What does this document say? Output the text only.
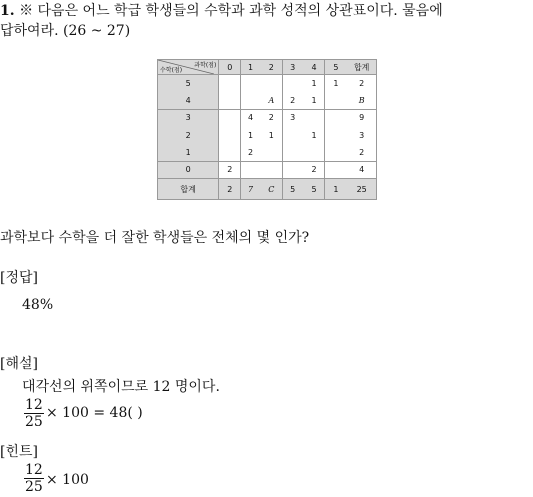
1. ※ 다음은 어느 학급 학생들의 수학과 과학 성적의 상관표이다. 물음에
답하여라. (26 ~ 27)
과학(점)
수학(점)	0	1	2	3	4	5	합계
5					1	1	2
4			A	2	1		B
3		4	2	3			9
2		1	1		1		3
1		2					2
0	2				2		4
합계	2	7	C	5	5	1	25
과학보다 수학을 더 잘한 학생들은 전체의 몇 인가?
[정답]
48%
[해설]
대각선의 위쪽이므로 12 명이다.
$\frac{12}{25} \times 100 = 48$( )
[힌트]
$\frac{12}{25} \times 100$
